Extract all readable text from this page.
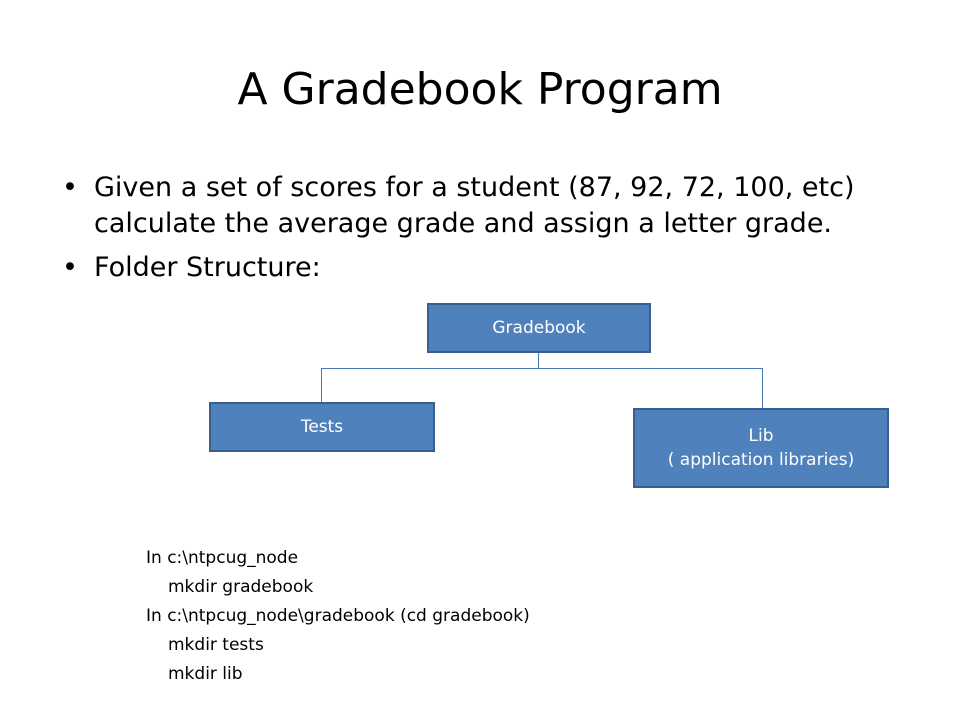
A Gradebook Program
• Given a set of scores for a student (87, 92, 72, 100, etc) calculate the average grade and assign a letter grade.
• Folder Structure:
Gradebook
Tests	Lib
( application libraries)
In c:\ntpcug_node
mkdir gradebook
In c:\ntpcug_node\gradebook (cd gradebook)
mkdir tests
mkdir lib
